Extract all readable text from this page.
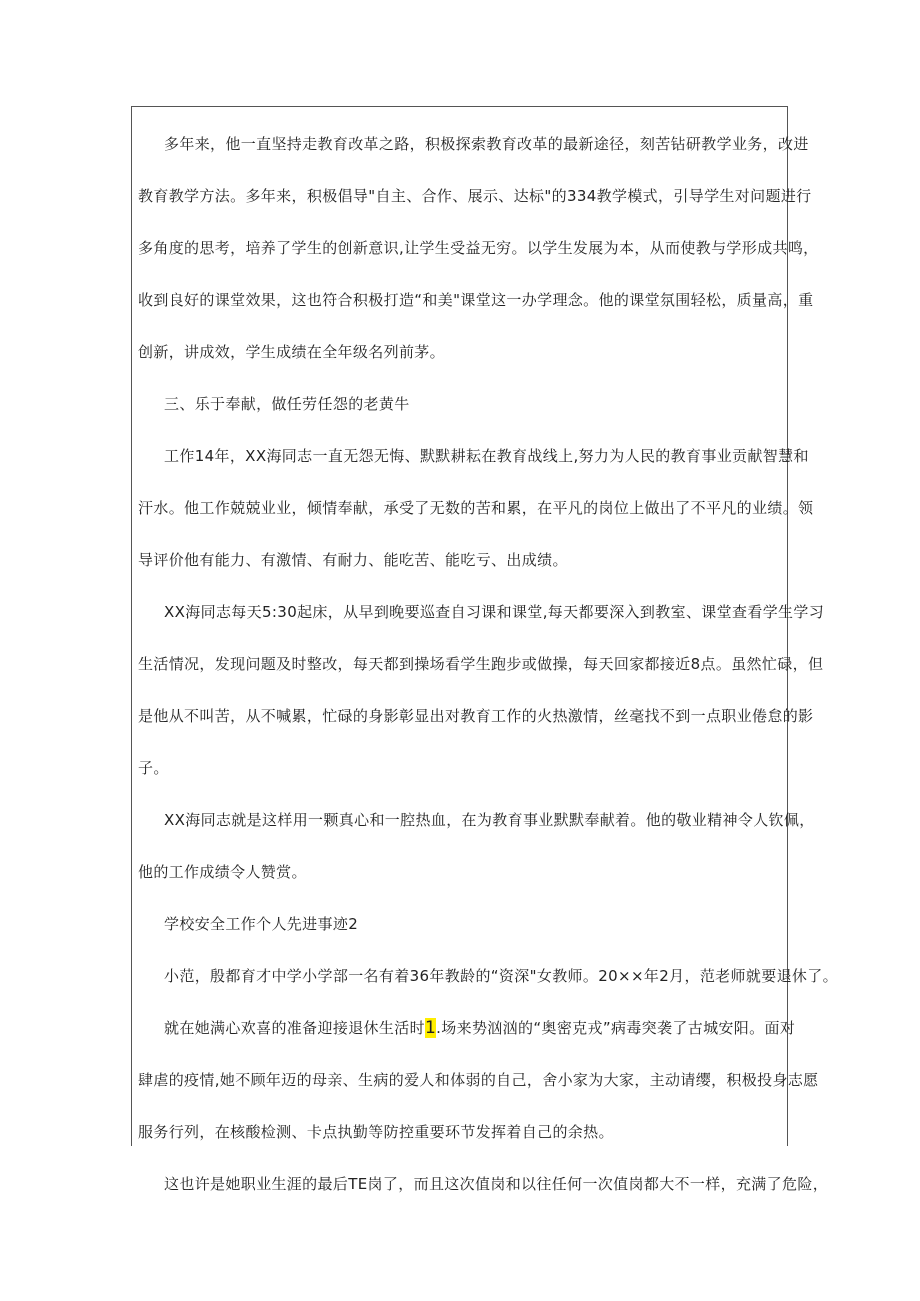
多年来，他一直坚持走教育改革之路，积极探索教育改革的最新途径，刻苦钻研教学业务，改进
教育教学方法。多年来，积极倡导"自主、合作、展示、达标"的334教学模式，引导学生对问题进行
多角度的思考，培养了学生的创新意识,让学生受益无穷。以学生发展为本，从而使教与学形成共鸣，
收到良好的课堂效果，这也符合积极打造“和美"课堂这一办学理念。他的课堂氛围轻松，质量高，重
创新，讲成效，学生成绩在全年级名列前茅。
三、乐于奉献，做任劳任怨的老黄牛
工作14年，XX海同志一直无怨无悔、默默耕耘在教育战线上,努力为人民的教育事业贡献智慧和
汗水。他工作兢兢业业，倾情奉献，承受了无数的苦和累，在平凡的岗位上做出了不平凡的业绩。领
导评价他有能力、有激情、有耐力、能吃苦、能吃亏、出成绩。
XX海同志每天5:30起床，从早到晚要巡查自习课和课堂,每天都要深入到教室、课堂查看学生学习
生活情况，发现问题及时整改，每天都到操场看学生跑步或做操，每天回家都接近8点。虽然忙碌，但
是他从不叫苦，从不喊累，忙碌的身影彰显出对教育工作的火热激情，丝毫找不到一点职业倦怠的影
子。
XX海同志就是这样用一颗真心和一腔热血，在为教育事业默默奉献着。他的敬业精神令人钦佩，
他的工作成绩令人赞赏。
学校安全工作个人先进事迹2
小范，殷都育才中学小学部一名有着36年教龄的“资深"女教师。20××年2月，范老师就要退休了。
就在她满心欢喜的准备迎接退休生活时1.场来势汹汹的“奥密克戎”病毒突袭了古城安阳。面对
肆虐的疫情,她不顾年迈的母亲、生病的爱人和体弱的自己，舍小家为大家，主动请缨，积极投身志愿
服务行列，在核酸检测、卡点执勤等防控重要环节发挥着自己的余热。
这也许是她职业生涯的最后TE岗了，而且这次值岗和以往任何一次值岗都大不一样，充满了危险，
